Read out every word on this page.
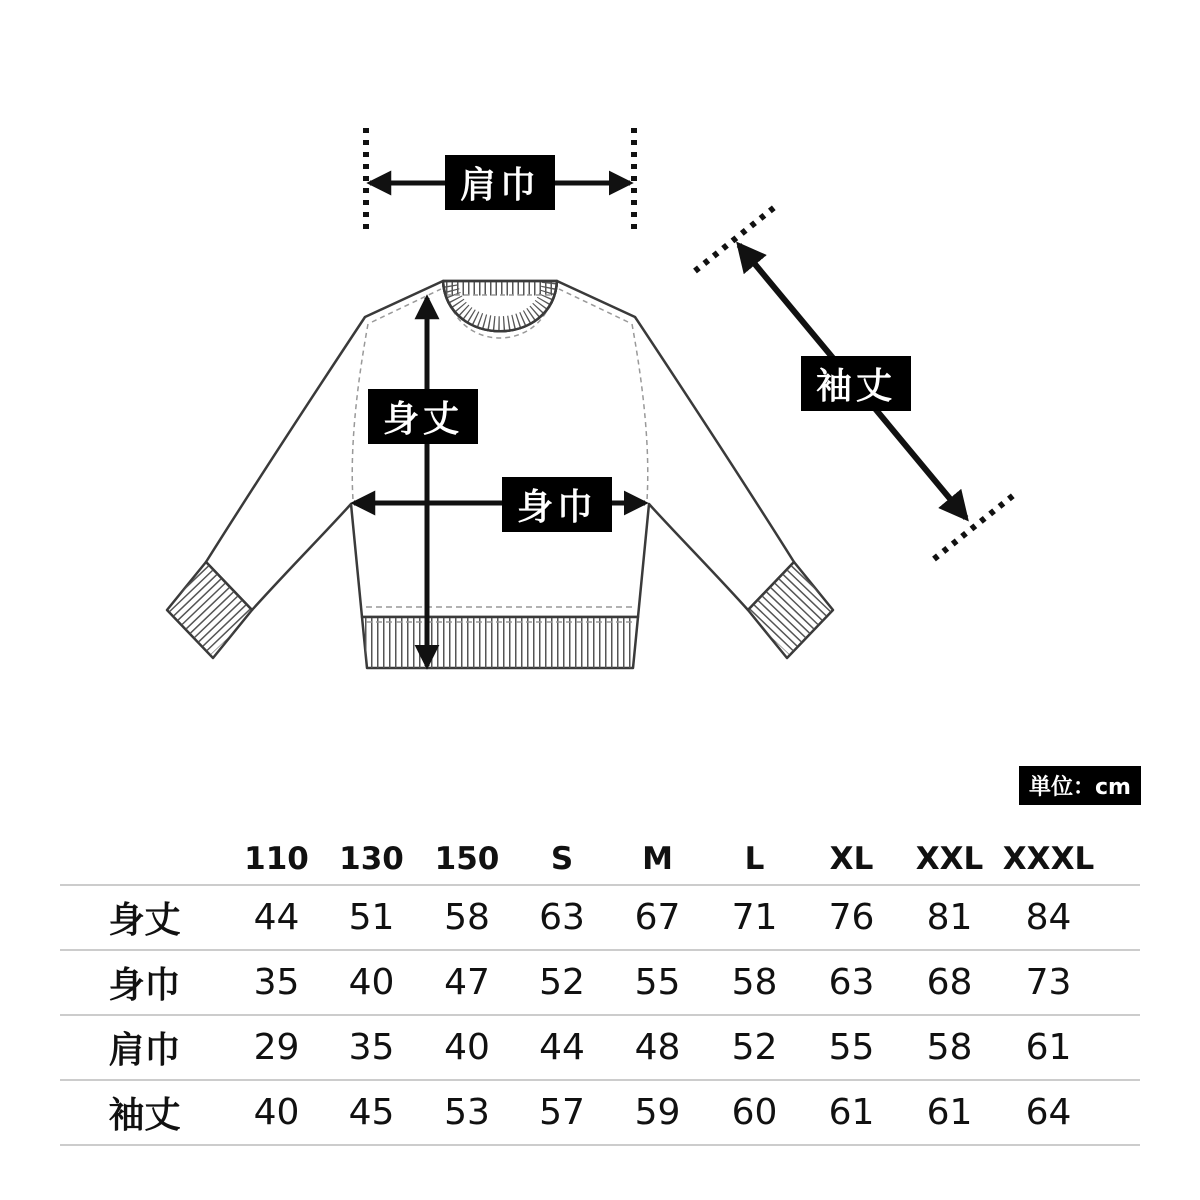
肩巾
身丈
身巾
袖丈
単位：cm
	110	130	150	S	M	L	XL	XXL	XXXL	
身丈	44	51	58	63	67	71	76	81	84	
身巾	35	40	47	52	55	58	63	68	73	
肩巾	29	35	40	44	48	52	55	58	61	
袖丈	40	45	53	57	59	60	61	61	64	
